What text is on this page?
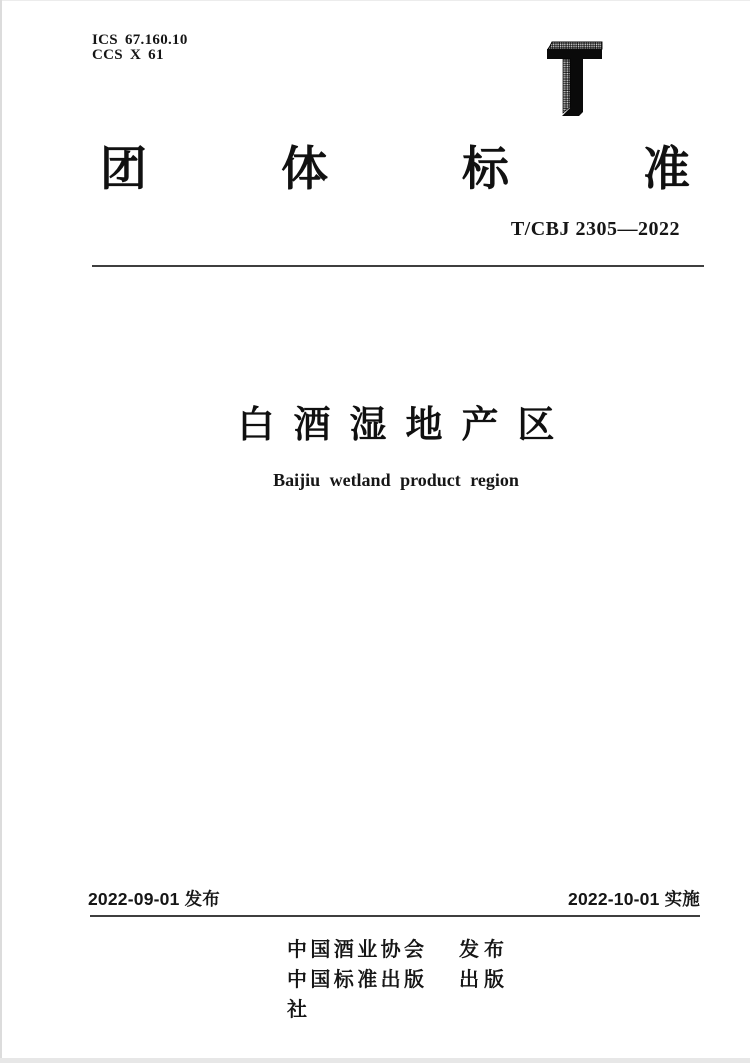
ICS 67.160.10
CCS X 61
团体标准
T/CBJ 2305—2022
白酒湿地产区
Baijiu wetland product region
2022-09-01 发布	2022-10-01 实施
中国酒业协会 发布
中国标准出版社
出版
